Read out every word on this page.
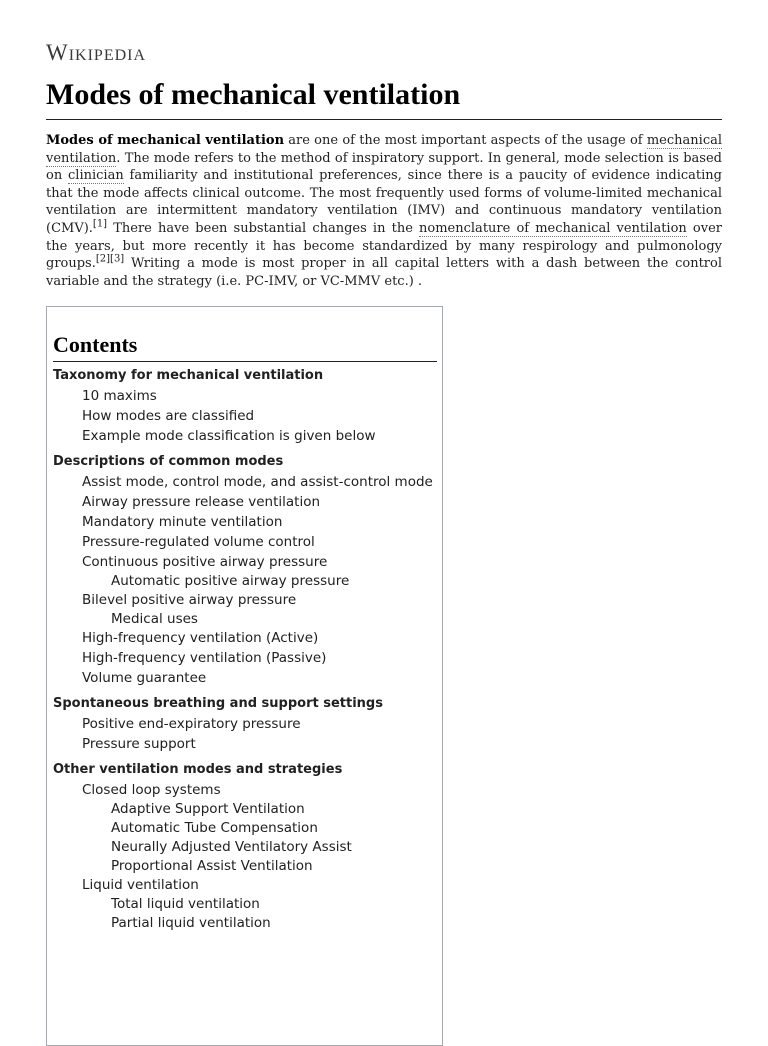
Wikipedia
Modes of mechanical ventilation

Modes of mechanical ventilation are one of the most important aspects of the usage of mechanical ventilation. The mode refers to the method of inspiratory support. In general, mode selection is based on clinician familiarity and institutional preferences, since there is a paucity of evidence indicating that the mode affects clinical outcome. The most frequently used forms of volume-limited mechanical ventilation are intermittent mandatory ventilation (IMV) and continuous mandatory ventilation (CMV).[1] There have been substantial changes in the nomenclature of mechanical ventilation over the years, but more recently it has become standardized by many respirology and pulmonology groups.[2][3] Writing a mode is most proper in all capital letters with a dash between the control variable and the strategy (i.e. PC-IMV, or VC-MMV etc.) .

Contents
Taxonomy for mechanical ventilation
10 maxims
How modes are classified
Example mode classification is given below
Descriptions of common modes
Assist mode, control mode, and assist-control mode
Airway pressure release ventilation
Mandatory minute ventilation
Pressure-regulated volume control
Continuous positive airway pressure
Automatic positive airway pressure
Bilevel positive airway pressure
Medical uses
High-frequency ventilation (Active)
High-frequency ventilation (Passive)
Volume guarantee
Spontaneous breathing and support settings
Positive end-expiratory pressure
Pressure support
Other ventilation modes and strategies
Closed loop systems
Adaptive Support Ventilation
Automatic Tube Compensation
Neurally Adjusted Ventilatory Assist
Proportional Assist Ventilation
Liquid ventilation
Total liquid ventilation
Partial liquid ventilation
